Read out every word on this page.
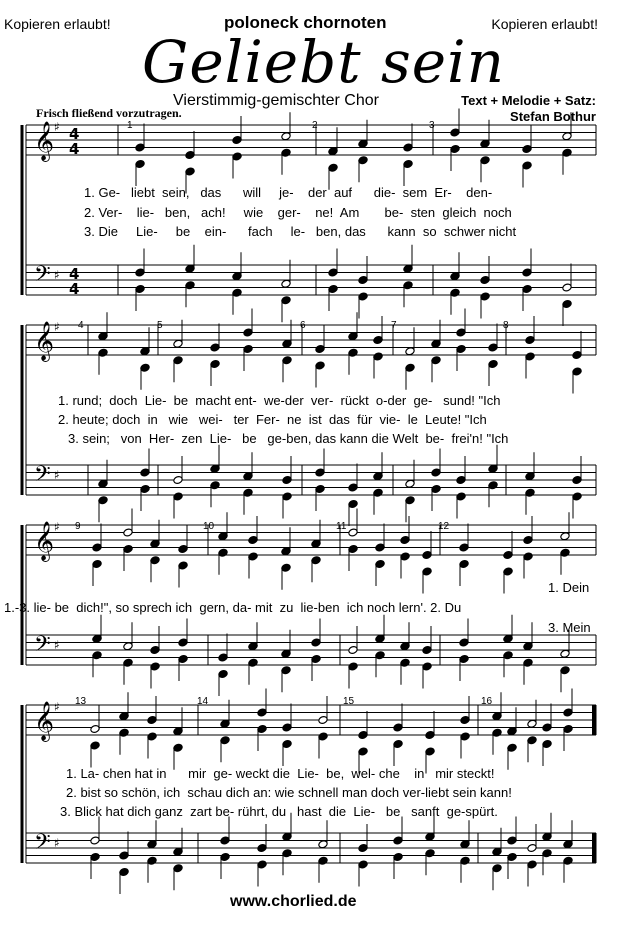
Kopieren erlaubt!	poloneck chornoten	Kopieren erlaubt!
Geliebt sein
Vierstimmig-gemischter Chor	Text + Melodie + Satz:
Stefan Bothur
Frisch fließend vorzutragen.
𝄞 ♯ 4
4
𝄢 ♯ 4
4
𝄞 ♯
𝄢 ♯
𝄞 ♯
𝄢 ♯
𝄞 ♯
𝄢 ♯
1. Ge-   liebt  sein,   das      will     je-    der  auf      die-  sem  Er-    den-
2. Ver-    lie-   ben,   ach!     wie    ger-    ne!  Am       be-  sten  gleich  noch
3. Die     Lie-     be    ein-      fach     le-   ben, das      kann  so  schwer nicht
1. rund;  doch  Lie-  be  macht ent-  we-der  ver-  rückt  o-der  ge-   sund! "Ich
2. heute; doch  in   wie   wei-   ter  Fer-  ne  ist  das  für  vie-  le  Leute! "Ich
3. sein;   von  Her-  zen  Lie-   be   ge-ben, das kann die Welt  be-  frei'n! "Ich
1. Dein
1.-3. lie- be  dich!", so sprech ich  gern, da- mit  zu  lie-ben  ich noch lern'. 2. Du
3. Mein
1. La- chen hat in      mir  ge- weckt die  Lie-  be,  wel- che    in   mir steckt!
2. bist so schön, ich  schau dich an: wie schnell man doch ver-liebt sein kann!
3. Blick hat dich ganz  zart be- rührt, du   hast  die  Lie-   be   sanft  ge-spürt.
1	2	3
4	5	6	7	8
9	10	11	12
13	14	15	16
www.chorlied.de
